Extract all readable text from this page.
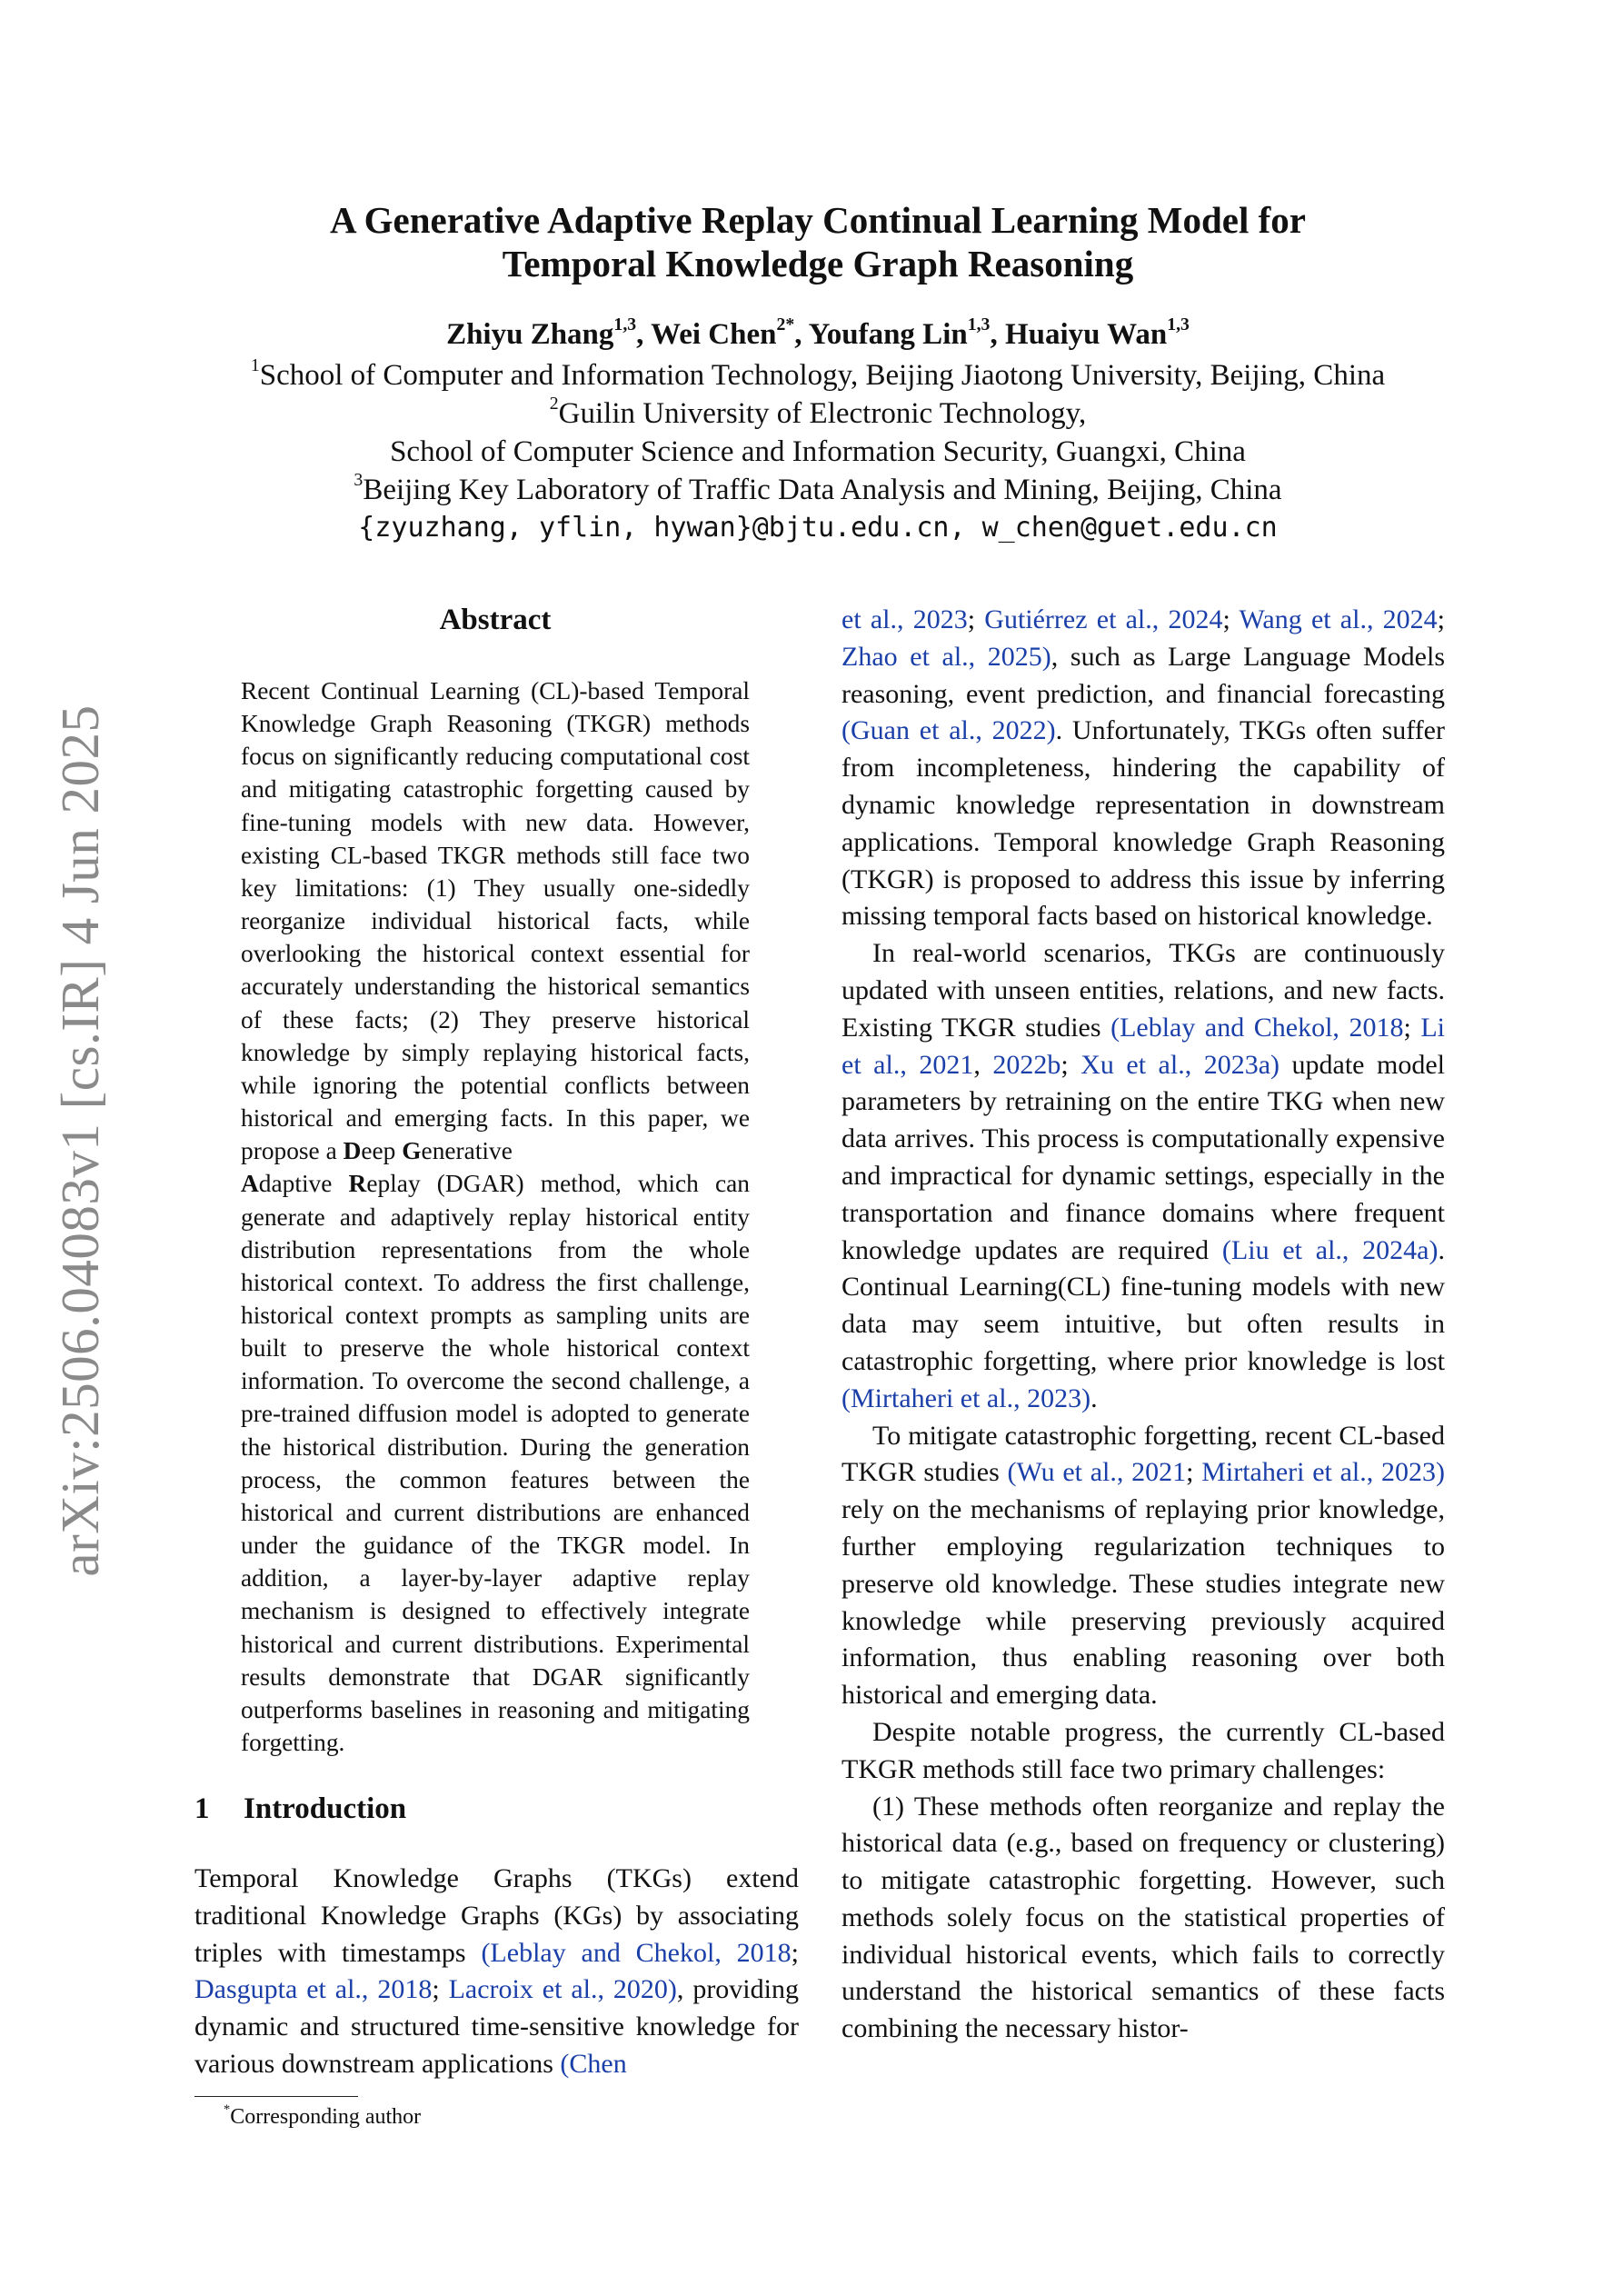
arXiv:2506.04083v1 [cs.IR] 4 Jun 2025
A Generative Adaptive Replay Continual Learning Model for
Temporal Knowledge Graph Reasoning
Zhiyu Zhang$^{1,3}$, Wei Chen$^{2*}$, Youfang Lin$^{1,3}$, Huaiyu Wan$^{1,3}$
$^1$School of Computer and Information Technology, Beijing Jiaotong University, Beijing, China
$^2$Guilin University of Electronic Technology,
School of Computer Science and Information Security, Guangxi, China
$^3$Beijing Key Laboratory of Traffic Data Analysis and Mining, Beijing, China
{zyuzhang, yflin, hywan}@bjtu.edu.cn, w_chen@guet.edu.cn
Abstract
Recent Continual Learning (CL)-based Temporal Knowledge Graph Reasoning (TKGR) methods focus on significantly reducing computational cost and mitigating catastrophic forgetting caused by fine-tuning models with new data. However, existing CL-based TKGR methods still face two key limitations: (1) They usually one-sidedly reorganize individual historical facts, while overlooking the historical context essential for accurately understanding the historical semantics of these facts; (2) They preserve historical knowledge by simply replaying historical facts, while ignoring the potential conflicts between historical and emerging facts. In this paper, we propose a Deep Generative
Adaptive Replay (DGAR) method, which can generate and adaptively replay historical entity distribution representations from the whole historical context. To address the first challenge, historical context prompts as sampling units are built to preserve the whole historical context information. To overcome the second challenge, a pre-trained diffusion model is adopted to generate the historical distribution. During the generation process, the common features between the historical and current distributions are enhanced under the guidance of the TKGR model. In addition, a layer-by-layer adaptive replay mechanism is designed to effectively integrate historical and current distributions. Experimental results demonstrate that DGAR significantly outperforms baselines in reasoning and mitigating forgetting.
1 Introduction
Temporal Knowledge Graphs (TKGs) extend traditional Knowledge Graphs (KGs) by associating triples with timestamps (Leblay and Chekol, 2018; Dasgupta et al., 2018; Lacroix et al., 2020), providing dynamic and structured time-sensitive knowledge for various downstream applications (Chen
*Corresponding author

et al., 2023; Gutiérrez et al., 2024; Wang et al., 2024; Zhao et al., 2025), such as Large Language Models reasoning, event prediction, and financial forecasting (Guan et al., 2022). Unfortunately, TKGs often suffer from incompleteness, hindering the capability of dynamic knowledge representation in downstream applications. Temporal knowledge Graph Reasoning (TKGR) is proposed to address this issue by inferring missing temporal facts based on historical knowledge.

In real-world scenarios, TKGs are continuously updated with unseen entities, relations, and new facts. Existing TKGR studies (Leblay and Chekol, 2018; Li et al., 2021, 2022b; Xu et al., 2023a) update model parameters by retraining on the entire TKG when new data arrives. This process is computationally expensive and impractical for dynamic settings, especially in the transportation and finance domains where frequent knowledge updates are required (Liu et al., 2024a). Continual Learning(CL) fine-tuning models with new data may seem intuitive, but often results in catastrophic forgetting, where prior knowledge is lost (Mirtaheri et al., 2023).

To mitigate catastrophic forgetting, recent CL-based TKGR studies (Wu et al., 2021; Mirtaheri et al., 2023) rely on the mechanisms of replaying prior knowledge, further employing regularization techniques to preserve old knowledge. These studies integrate new knowledge while preserving previously acquired information, thus enabling reasoning over both historical and emerging data.

Despite notable progress, the currently CL-based TKGR methods still face two primary challenges:

(1) These methods often reorganize and replay the historical data (e.g., based on frequency or clustering) to mitigate catastrophic forgetting. However, such methods solely focus on the statistical properties of individual historical events, which fails to correctly understand the historical semantics of these facts combining the necessary histor-
